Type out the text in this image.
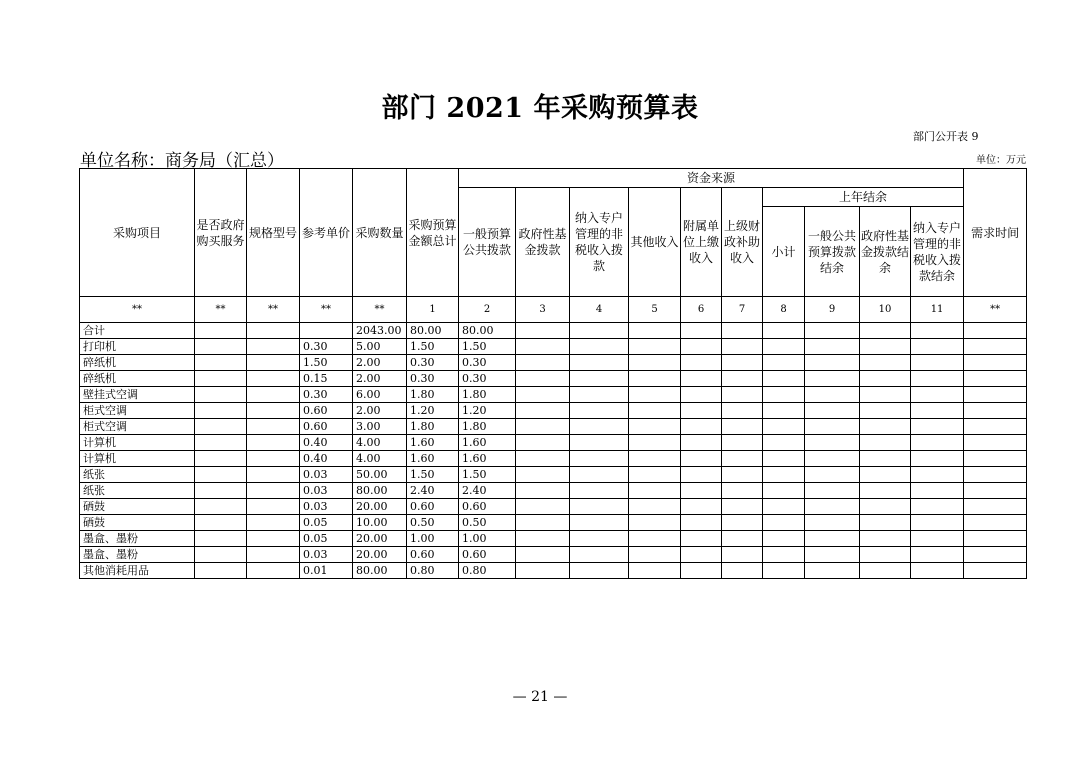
部门 2021 年采购预算表
部门公开表 9
单位名称：商务局（汇总）	单位：万元
采购项目	是否政府购买服务	规格型号	参考单价	采购数量	采购预算金额总计	资金来源										需求时间
						一般预算公共拨款	政府性基金拨款	纳入专户管理的非税收入拨款	其他收入	附属单位上缴收入	上级财政补助收入	上年结余				
												小计	一般公共预算拨款结余	政府性基金拨款结余	纳入专户管理的非税收入拨款结余	
**	**	**	**	**	1	2	3	4	5	6	7	8	9	10	11	**
合计				2043.00	80.00	80.00										
打印机			0.30	5.00	1.50	1.50										
碎纸机			1.50	2.00	0.30	0.30										
碎纸机			0.15	2.00	0.30	0.30										
壁挂式空调			0.30	6.00	1.80	1.80										
柜式空调			0.60	2.00	1.20	1.20										
柜式空调			0.60	3.00	1.80	1.80										
计算机			0.40	4.00	1.60	1.60										
计算机			0.40	4.00	1.60	1.60										
纸张			0.03	50.00	1.50	1.50										
纸张			0.03	80.00	2.40	2.40										
硒鼓			0.03	20.00	0.60	0.60										
硒鼓			0.05	10.00	0.50	0.50										
墨盒、墨粉			0.05	20.00	1.00	1.00										
墨盒、墨粉			0.03	20.00	0.60	0.60										
其他消耗用品			0.01	80.00	0.80	0.80										
— 21 —
